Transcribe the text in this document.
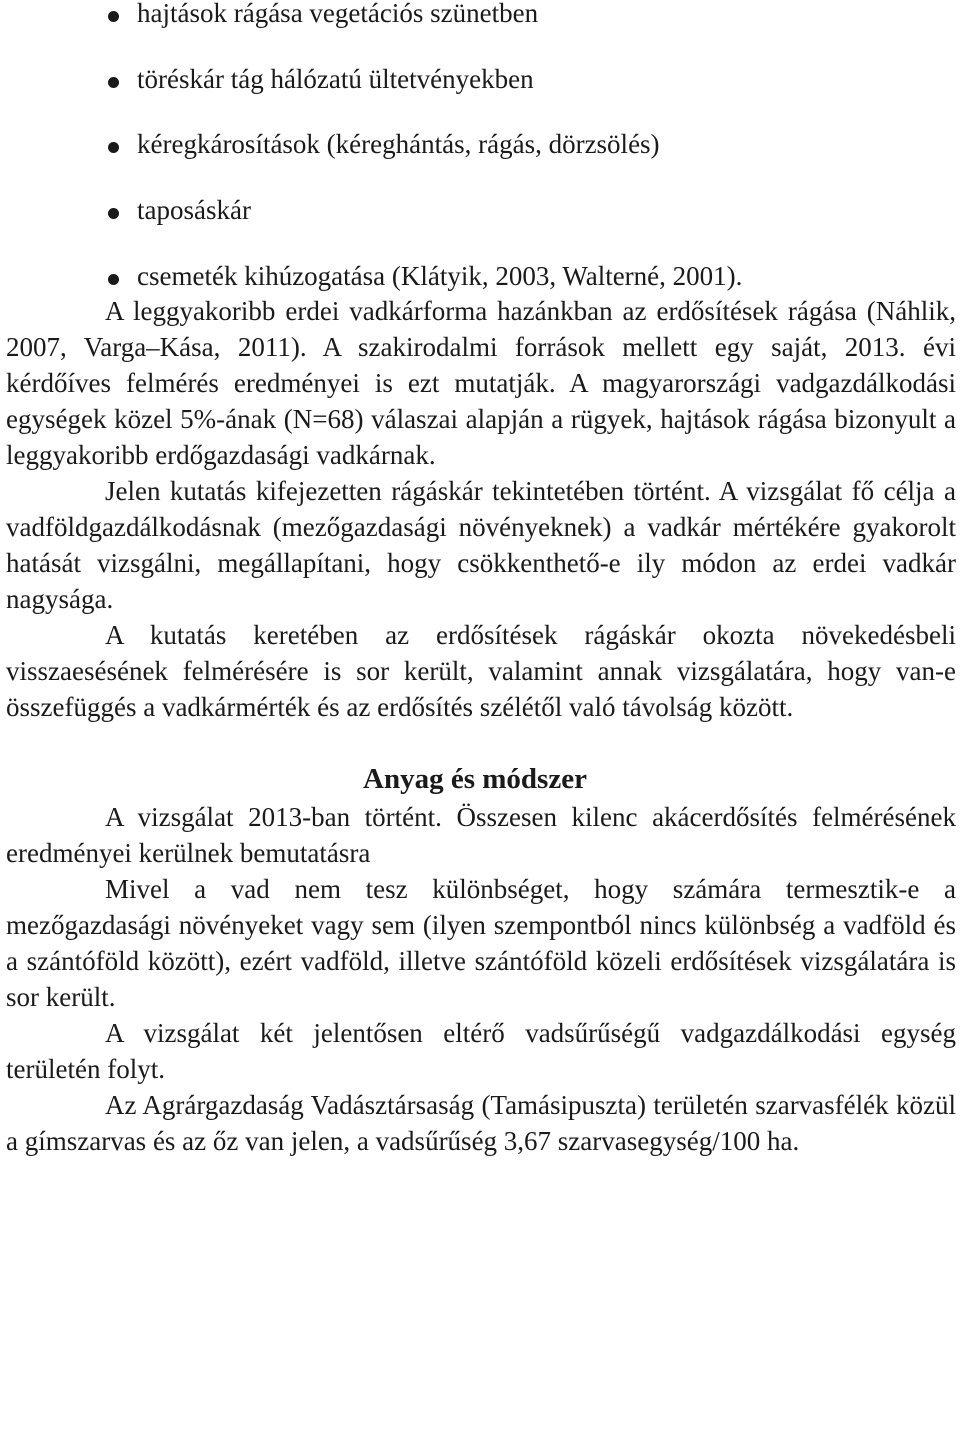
hajtások rágása vegetációs szünetben
töréskár tág hálózatú ültetvényekben
kéregkárosítások (kéreghántás, rágás, dörzsölés)
taposáskár
csemeték kihúzogatása (Klátyik, 2003, Walterné, 2001).

A leggyakoribb erdei vadkárforma hazánkban az erdősítések rágása (Náhlik, 2007, Varga–Kása, 2011). A szakirodalmi források mellett egy saját, 2013. évi kérdőíves felmérés eredményei is ezt mutatják. A magyarországi vadgazdálkodási egységek közel 5%-ának (N=68) válaszai alapján a rügyek, hajtások rágása bizonyult a leggyakoribb erdőgazdasági vadkárnak.

Jelen kutatás kifejezetten rágáskár tekintetében történt. A vizsgálat fő célja a vadföldgazdálkodásnak (mezőgazdasági növényeknek) a vadkár mértékére gyakorolt hatását vizsgálni, megállapítani, hogy csökkenthető-e ily módon az erdei vadkár nagysága.

A kutatás keretében az erdősítések rágáskár okozta növekedésbeli visszaesésének felmérésére is sor került, valamint annak vizsgálatára, hogy van-e összefüggés a vadkármérték és az erdősítés szélétől való távolság között.

Anyag és módszer

A vizsgálat 2013-ban történt. Összesen kilenc akácerdősítés felmérésének eredményei kerülnek bemutatásra

Mivel a vad nem tesz különbséget, hogy számára termesztik-e a mezőgazdasági növényeket vagy sem (ilyen szempontból nincs különbség a vadföld és a szántóföld között), ezért vadföld, illetve szántóföld közeli erdősítések vizsgálatára is sor került.

A vizsgálat két jelentősen eltérő vadsűrűségű vadgazdálkodási egység területén folyt.

Az Agrárgazdaság Vadásztársaság (Tamásipuszta) területén szarvasfélék közül a gímszarvas és az őz van jelen, a vadsűrűség 3,67 szarvasegység/100 ha.
